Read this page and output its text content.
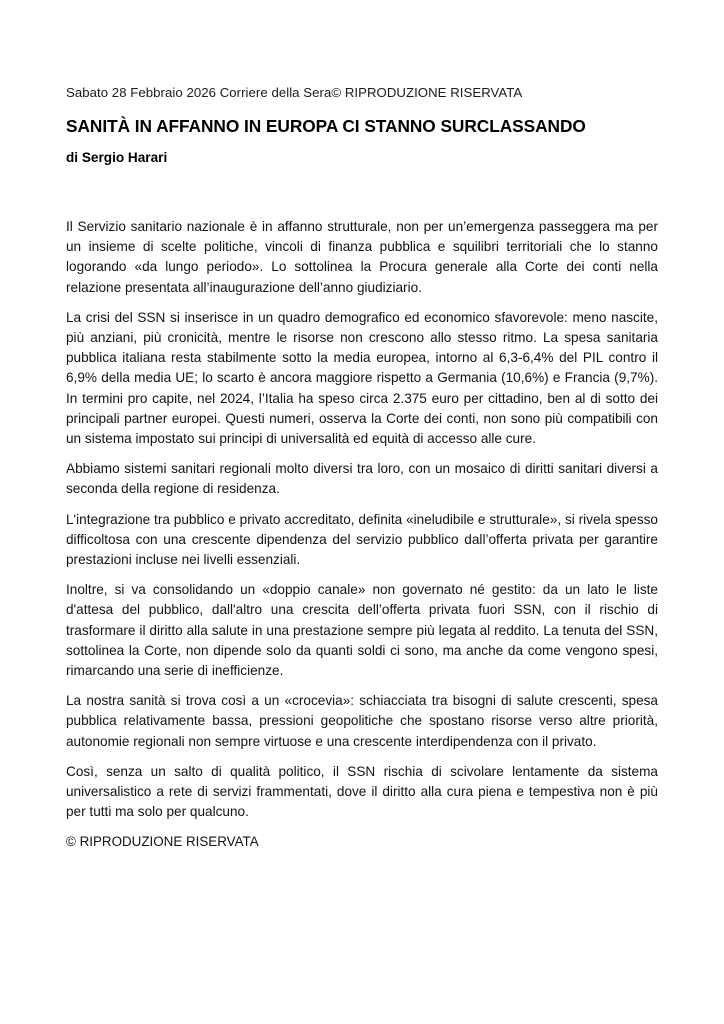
Sabato 28 Febbraio 2026 Corriere della Sera© RIPRODUZIONE RISERVATA
SANITÀ IN AFFANNO IN EUROPA CI STANNO SURCLASSANDO
di Sergio Harari

Il Servizio sanitario nazionale è in affanno strutturale, non per un’emergenza passeggera ma per un insieme di scelte politiche, vincoli di finanza pubblica e squilibri territoriali che lo stanno logorando «da lungo periodo». Lo sottolinea la Procura generale alla Corte dei conti nella relazione presentata all’inaugurazione dell’anno giudiziario.

La crisi del SSN si inserisce in un quadro demografico ed economico sfavorevole: meno nascite, più anziani, più cronicità, mentre le risorse non crescono allo stesso ritmo. La spesa sanitaria pubblica italiana resta stabilmente sotto la media europea, intorno al 6,3-6,4% del PIL contro il 6,9% della media UE; lo scarto è ancora maggiore rispetto a Germania (10,6%) e Francia (9,7%). In termini pro capite, nel 2024, l’Italia ha speso circa 2.375 euro per cittadino, ben al di sotto dei principali partner europei. Questi numeri, osserva la Corte dei conti, non sono più compatibili con un sistema impostato sui principi di universalità ed equità di accesso alle cure.

Abbiamo sistemi sanitari regionali molto diversi tra loro, con un mosaico di diritti sanitari diversi a seconda della regione di residenza.

L'integrazione tra pubblico e privato accreditato, definita «ineludibile e strutturale», si rivela spesso difficoltosa con una crescente dipendenza del servizio pubblico dall’offerta privata per garantire prestazioni incluse nei livelli essenziali.

Inoltre, si va consolidando un «doppio canale» non governato né gestito: da un lato le liste d'attesa del pubblico, dall'altro una crescita dell’offerta privata fuori SSN, con il rischio di trasformare il diritto alla salute in una prestazione sempre più legata al reddito. La tenuta del SSN, sottolinea la Corte, non dipende solo da quanti soldi ci sono, ma anche da come vengono spesi, rimarcando una serie di inefficienze.

La nostra sanità si trova così a un «crocevia»: schiacciata tra bisogni di salute crescenti, spesa pubblica relativamente bassa, pressioni geopolitiche che spostano risorse verso altre priorità, autonomie regionali non sempre virtuose e una crescente interdipendenza con il privato.

Così, senza un salto di qualità politico, il SSN rischia di scivolare lentamente da sistema universalistico a rete di servizi frammentati, dove il diritto alla cura piena e tempestiva non è più per tutti ma solo per qualcuno.

© RIPRODUZIONE RISERVATA
